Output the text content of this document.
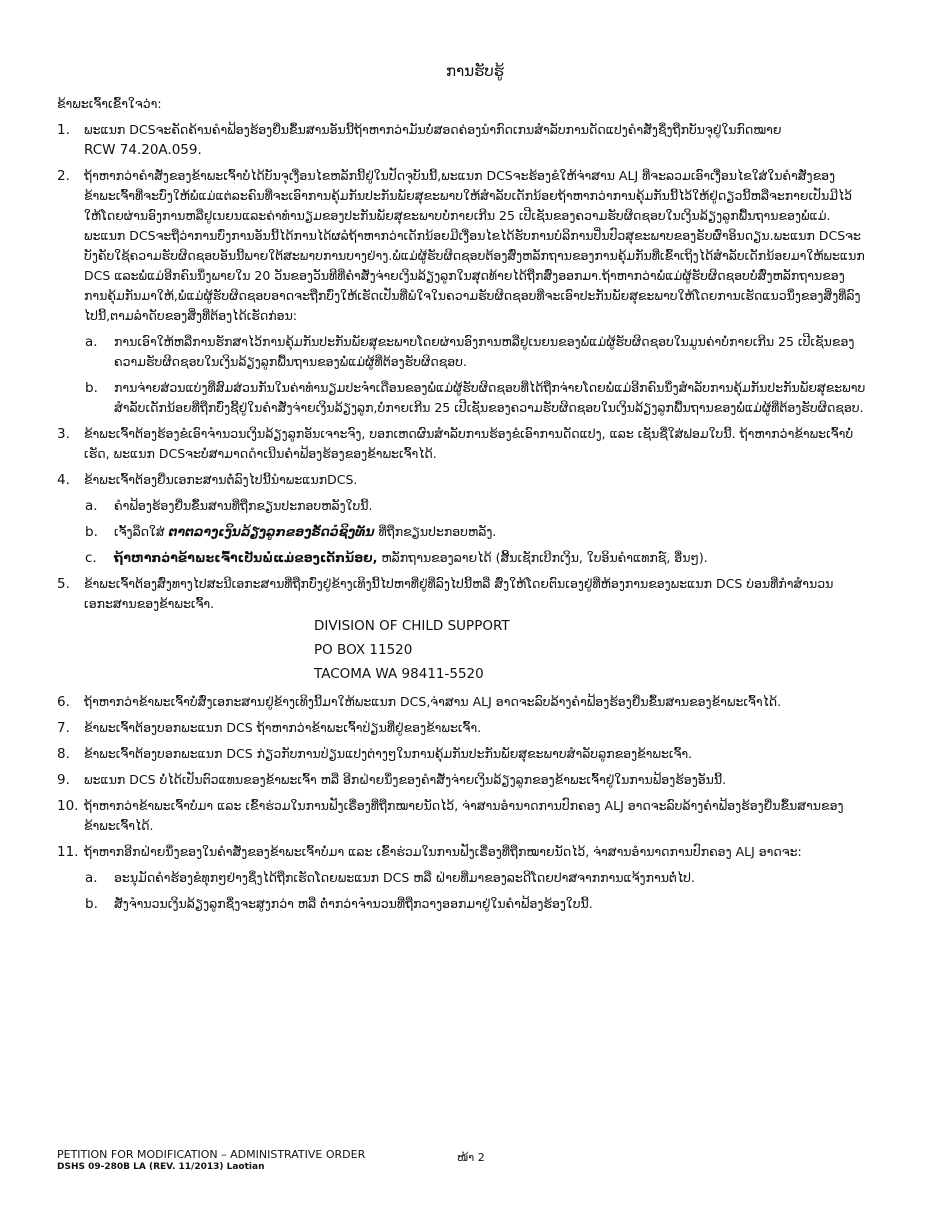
ການຮັບຮູ້

ຂ້າພະເຈົ້າເຂົ້າໃຈວ່າ:

1. ພະແນກ DCSຈະຄັດຄ້ານຄຳຟ້ອງຮ້ອງຍື່ນຂຶ້ນສານອັນນີ້ຖ້າຫາກວ່າມັນບໍ່ສອດຄ່ອງນຳກົດເກນສຳລັບການດັດແປງຄຳສັ່ງຊຶ່ງຖືກບັນຈຸຢູ່ໃນກົດໝາຍ
RCW 74.20A.059.
2. ຖ້າຫາກວ່າຄຳສັ່ງຂອງຂ້າພະເຈົ້າບໍ່ໄດ້ບັນຈຸເງື່ອນໄຂຫລັກນີ້ຢູ່ໃນປັດຈຸບັນນີ້,ພະແນກ DCSຈະຮ້ອງຂໍໃຫ້ຈ່າສານ ALJ ທີ່ຈະລວມເອົາເງື່ອນໄຂໃສ່ໃນຄຳສັ່ງຂອງຂ້າພະເຈົ້າທີ່ຈະບົ່ງໃຫ້ພໍ່ແມ່ແຕ່ລະຄົນທີ່ຈະເອົາການຄຸ້ມກັນປະກັນພັຍສຸຂະພາບໃຫ້ສຳລັບເດັກນ້ອຍຖ້າຫາກວ່າການຄຸ້ມກັນນີ້ໄວ້ໃຫ້ຢູ່ດຽວນີ້ຫລືຈະກາຍເປັນມີໄວ້ໃຫ້ໂດຍຜ່ານອົງການຫລືຢູເນຍນແລະຄ່າທຳນຽມຂອງປະກັນພັຍສຸຂະພາບບໍ່ກາຍເກີນ 25 ເປີເຊັນຂອງຄວາມຮັບຜິດຊອບໃນເງິນລ້ຽງລູກພື້ນຖານຂອງພໍ່ແມ່. ພະແນກ DCSຈະຖືວ່າການບົ່ງການອັນນີ້ໄດ້ການໄດ້ຜລໍຖ້າຫາກວ່າເດັກນ້ອຍມີເງື່ອນໄຂໄດ້ຮັບການບໍລິການປິ່ນປົວສຸຂະພາບຂອງຣັບຜົ່າອິນດຽນ.ພະແນກ DCSຈະບັງຄັບໃຊ້ຄວາມຮັບຜິດຊອບອັນນີ້ພາຍໃຕ້ສະພາບການບາງຢ່າງ.ພໍ່ແມ່ຜູ້ຮັບຜິດຊອບຕ້ອງສົ່ງຫລັກຖານຂອງການຄຸ້ມກັນທີ່ເຂົ້າເຖິງໄດ້ສຳລັບເດັກນ້ອຍມາໃຫ້ພະແນກ DCS ແລະພໍ່ແມ່ອີກຄົນນຶ່ງພາຍໃນ 20 ວັນຂອງວັນທີທີ່ຄຳສັ່ງຈ່າຍເງິນລ້ຽງລູກໃນສຸດທ້າຍໄດ້ຖືກສົ່ງອອກມາ.ຖ້າຫາກວ່າພໍ່ແມ່ຜູ້ຮັບຜິດຊອບບໍ່ສົ່ງຫລັກຖານຂອງການຄຸ້ມກັນມາໃຫ້,ພໍ່ແມ່ຜູ້ຮັບຜິດຊອບອາດຈະຖືກບົ່ງໃຫ້ເຮັດເປັນທີ່ພໍໃຈໃນຄວາມຮັບຜິດຊອບທີ່ຈະເອົາປະກັນພັຍສຸຂະພາບໃຫ້ໂດຍການເຮັດແນວນຶ່ງຂອງສິ່ງທີ່ລົງໄປນີ້,ຕາມລຳດັບຂອງສິ່ງທີ່ຕ້ອງໄດ້ເຮັດກ່ອນ:
a. ການເອົາໃຫ້ຫລືການຮັກສາໄວ້ການຄຸ້ມກັນປະກັນພັຍສຸຂະພາບໂດຍຜ່ານອົງການຫລືຢູເນຍນຂອງພໍ່ແມ່ຜູ້ຮັບຜິດຊອບໃນມູນຄ່າບໍ່ກາຍເກີນ 25 ເປີເຊັນຂອງຄວາມຮັບຜິດຊອບໃນເງິນລ້ຽງລູກພື້ນຖານຂອງພໍ່ແມ່ຜູ້ທີ່ຕ້ອງຮັບຜິດຊອບ.
b. ການຈ່າຍສ່ວນແບ່ງທີ່ສົມສ່ວນກັນໃນຄ່າທຳນຽມປະຈຳເດືອນຂອງພໍ່ແມ່ຜູ້ຮັບຜິດຊອບທີ່ໄດ້ຖືກຈ່າຍໂດຍພໍ່ແມ່ອີກຄົນນຶ່ງສຳລັບການຄຸ້ມກັນປະກັນພັຍສຸຂະພາບສຳລັບເດັກນ້ອຍທີ່ຖືກບົ່ງຊີ້ຢູ່ໃນຄຳສັ່ງຈ່າຍເງິນລ້ຽງລູກ,ບໍ່ກາຍເກີນ 25 ເປີເຊັນຂອງຄວາມຮັບຜິດຊອບໃນເງິນລ້ຽງລູກພື້ນຖານຂອງພໍ່ແມ່ຜູ້ທີ່ຕ້ອງຮັບຜິດຊອບ.
3. ຂ້າພະເຈົ້າຕ້ອງຮ້ອງຂໍເອົາຈຳນວນເງິນລ້ຽງລູກອັນເຈາະຈົງ, ບອກເຫດຜົນສຳລັບການຮ້ອງຂໍເອົາການດັດແປງ, ແລະ ເຊັນຊື່ໃສ່ຟອມໃບນີ້. ຖ້າຫາກວ່າຂ້າພະເຈົ້າບໍ່ເຮັດ, ພະແນກ DCSຈະບໍ່ສາມາດດຳເນີນຄຳຟ້ອງຮ້ອງຂອງຂ້າພະເຈົ້າໄດ້.
4. ຂ້າພະເຈົ້າຕ້ອງຍື່ນເອກະສານຕໍ່ລົງໄປນີ້ນຳພະແນກDCS.
a. ຄຳຟ້ອງຮ້ອງຍື່ນຂຶ້ນສານທີ່ຖືກຂຽນປະກອບຫລັງໃບນີ້.
b. ເຈັ້ງລຶດໃສ່ ຕາຕລາງເງິນລ້ຽງລູກຂອງຣັດວໍຊິງທັນ ທີ່ຖືກຂຽນປະກອບຫລັງ.
c. ຖ້າຫາກວ່າຂ້າພະເຈົ້າເປັນພໍ່ແມ່ຂອງເດັກນ້ອຍ, ຫລັກຖານຂອງລາຍໄດ້ (ສິ້ນເຊັກເບີກເງິນ, ໃບອິນຄຳແທກຊ໌, ອື່ນໆ).
5. ຂ້າພະເຈົ້າຕ້ອງສົ່ງທາງໄປສະນີເອກະສານທີ່ຖືກບົ່ງຢູ່ຂ້າງເທິງນີ້ໄປຫາທີ່ຢູ່ທີ່ລົງໄປນີ້ຫລື ສົ່ງໃຫ້ໂດຍຕົນເອງຢູ່ທີ່ຫ້ອງການຂອງພະແນກ DCS ບ່ອນທີ່ກຳສຳນວນເອກະສານຂອງຂ້າພະເຈົ້າ.

DIVISION OF CHILD SUPPORT

PO BOX 11520

TACOMA WA 98411-5520

6. ຖ້າຫາກວ່າຂ້າພະເຈົ້າບໍ່ສົ່ງເອກະສານຢູ່ຂ້າງເທິງນີ້ມາໃຫ້ພະແນກ DCS,ຈ່າສານ ALJ ອາດຈະລົບລ້າງຄຳຟ້ອງຮ້ອງຍື່ນຂຶ້ນສານຂອງຂ້າພະເຈົ້າໄດ້.
7. ຂ້າພະເຈົ້າຕ້ອງບອກພະແນກ DCS ຖ້າຫາກວ່າຂ້າພະເຈົ້າປ່ຽນທີ່ຢູ່ຂອງຂ້າພະເຈົ້າ.
8. ຂ້າພະເຈົ້າຕ້ອງບອກພະແນກ DCS ກ່ຽວກັບການປ່ຽນແປງຕ່າງໆໃນການຄຸ້ມກັນປະກັນພັຍສຸຂະພາບສຳລັບລູກຂອງຂ້າພະເຈົ້າ.
9. ພະແນກ DCS ບໍ່ໄດ້ເປັນຕົວແທນຂອງຂ້າພະເຈົ້າ ຫລື ອີກຝ່າຍນຶ່ງຂອງຄຳສັ່ງຈ່າຍເງິນລ້ຽງລູກຂອງຂ້າພະເຈົ້າຢູ່ໃນການຟ້ອງຮ້ອງອັນນີ້.
10. ຖ້າຫາກວ່າຂ້າພະເຈົ້າບໍ່ມາ ແລະ ເຂົ້າຮ່ວມໃນການຟັງເຣື່ອງທີ່ຖືກໝາຍນັດໄວ້, ຈ່າສານອຳນາດການປົກຄອງ ALJ ອາດຈະລົບລ້າງຄຳຟ້ອງຮ້ອງຍື່ນຂຶ້ນສານຂອງຂ້າພະເຈົ້າໄດ້.
11. ຖ້າຫາກອີກຝ່າຍນຶ່ງຂອງໃນຄຳສັ່ງຂອງຂ້າພະເຈົ້າບໍ່ມາ ແລະ ເຂົ້າຮ່ວມໃນການຟັງເຣື່ອງທີ່ຖືກໝາຍນັດໄວ້, ຈ່າສານອຳນາດການປົກຄອງ ALJ ອາດຈະ:
a. ອະນຸມັດຄຳຮ້ອງຂໍທຸກໆຢ່າງຊຶ່ງໄດ້ຖືກເຮັດໂດຍພະແນກ DCS ຫລື ຝ່າຍທີ່ມາຂອງລະດີໂດຍປາສຈາກການແຈ້ງການຕໍ່ໄປ.
b. ສັ່ງຈຳນວນເງິນລ້ຽງລູກຊຶ່ງຈະສູງກວ່າ ຫລື ຕ່ຳກວ່າຈຳນວນທີ່ຖືກວາງອອກມາຢູ່ໃນຄຳຟ້ອງຮ້ອງໃບນີ້.
PETITION FOR MODIFICATION – ADMINISTRATIVE ORDER
DSHS 09-280B LA (REV. 11/2013) Laotian
ໜ້າ 2
